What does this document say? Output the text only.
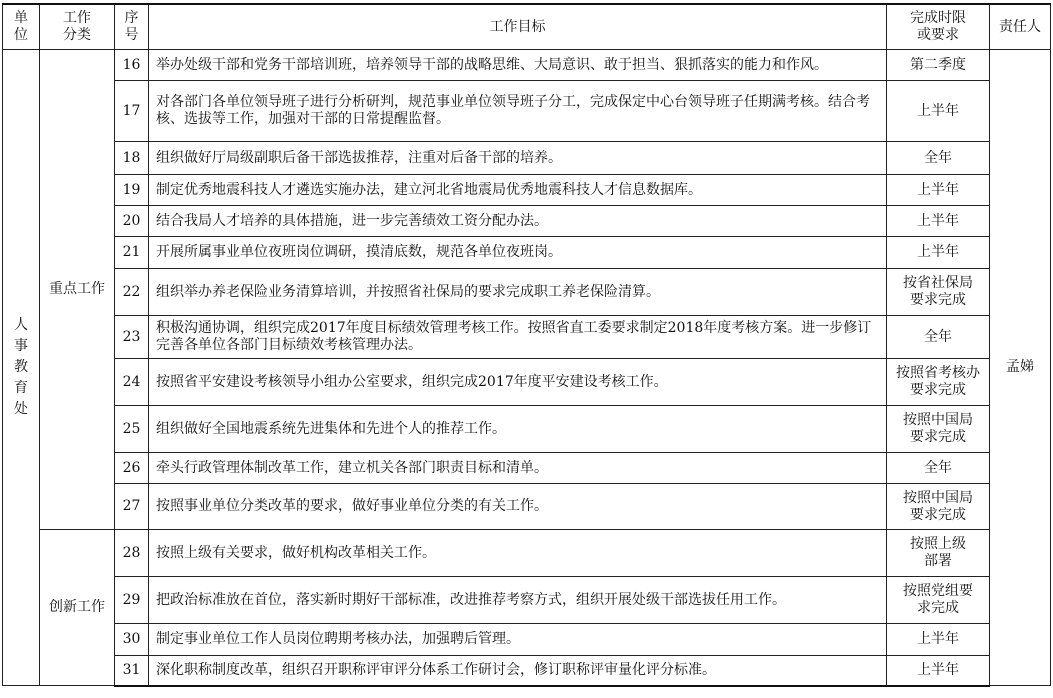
单位	工作分类	序号	工作目标	完成时限或要求	责任人
人事教育处	重点工作	16	举办处级干部和党务干部培训班，培养领导干部的战略思维、大局意识、敢于担当、狠抓落实的能力和作风。	第二季度	孟娣
		17	对各部门各单位领导班子进行分析研判，规范事业单位领导班子分工，完成保定中心台领导班子任期满考核。结合考核、选拔等工作，加强对干部的日常提醒监督。	上半年	
		18	组织做好厅局级副职后备干部选拔推荐，注重对后备干部的培养。	全年	
		19	制定优秀地震科技人才遴选实施办法，建立河北省地震局优秀地震科技人才信息数据库。	上半年	
		20	结合我局人才培养的具体措施，进一步完善绩效工资分配办法。	上半年	
		21	开展所属事业单位夜班岗位调研，摸清底数，规范各单位夜班岗。	上半年	
		22	组织举办养老保险业务清算培训，并按照省社保局的要求完成职工养老保险清算。	按省社保局要求完成	
		23	积极沟通协调，组织完成2017年度目标绩效管理考核工作。按照省直工委要求制定2018年度考核方案。进一步修订完善各单位各部门目标绩效考核管理办法。	全年	
		24	按照省平安建设考核领导小组办公室要求，组织完成2017年度平安建设考核工作。	按照省考核办要求完成	
		25	组织做好全国地震系统先进集体和先进个人的推荐工作。	按照中国局要求完成	
		26	牵头行政管理体制改革工作，建立机关各部门职责目标和清单。	全年	
		27	按照事业单位分类改革的要求，做好事业单位分类的有关工作。	按照中国局要求完成	
	创新工作	28	按照上级有关要求，做好机构改革相关工作。	按照上级部署	
		29	把政治标准放在首位，落实新时期好干部标准，改进推荐考察方式，组织开展处级干部选拔任用工作。	按照党组要求完成	
		30	制定事业单位工作人员岗位聘期考核办法，加强聘后管理。	上半年	
		31	深化职称制度改革，组织召开职称评审评分体系工作研讨会，修订职称评审量化评分标准。	上半年	
